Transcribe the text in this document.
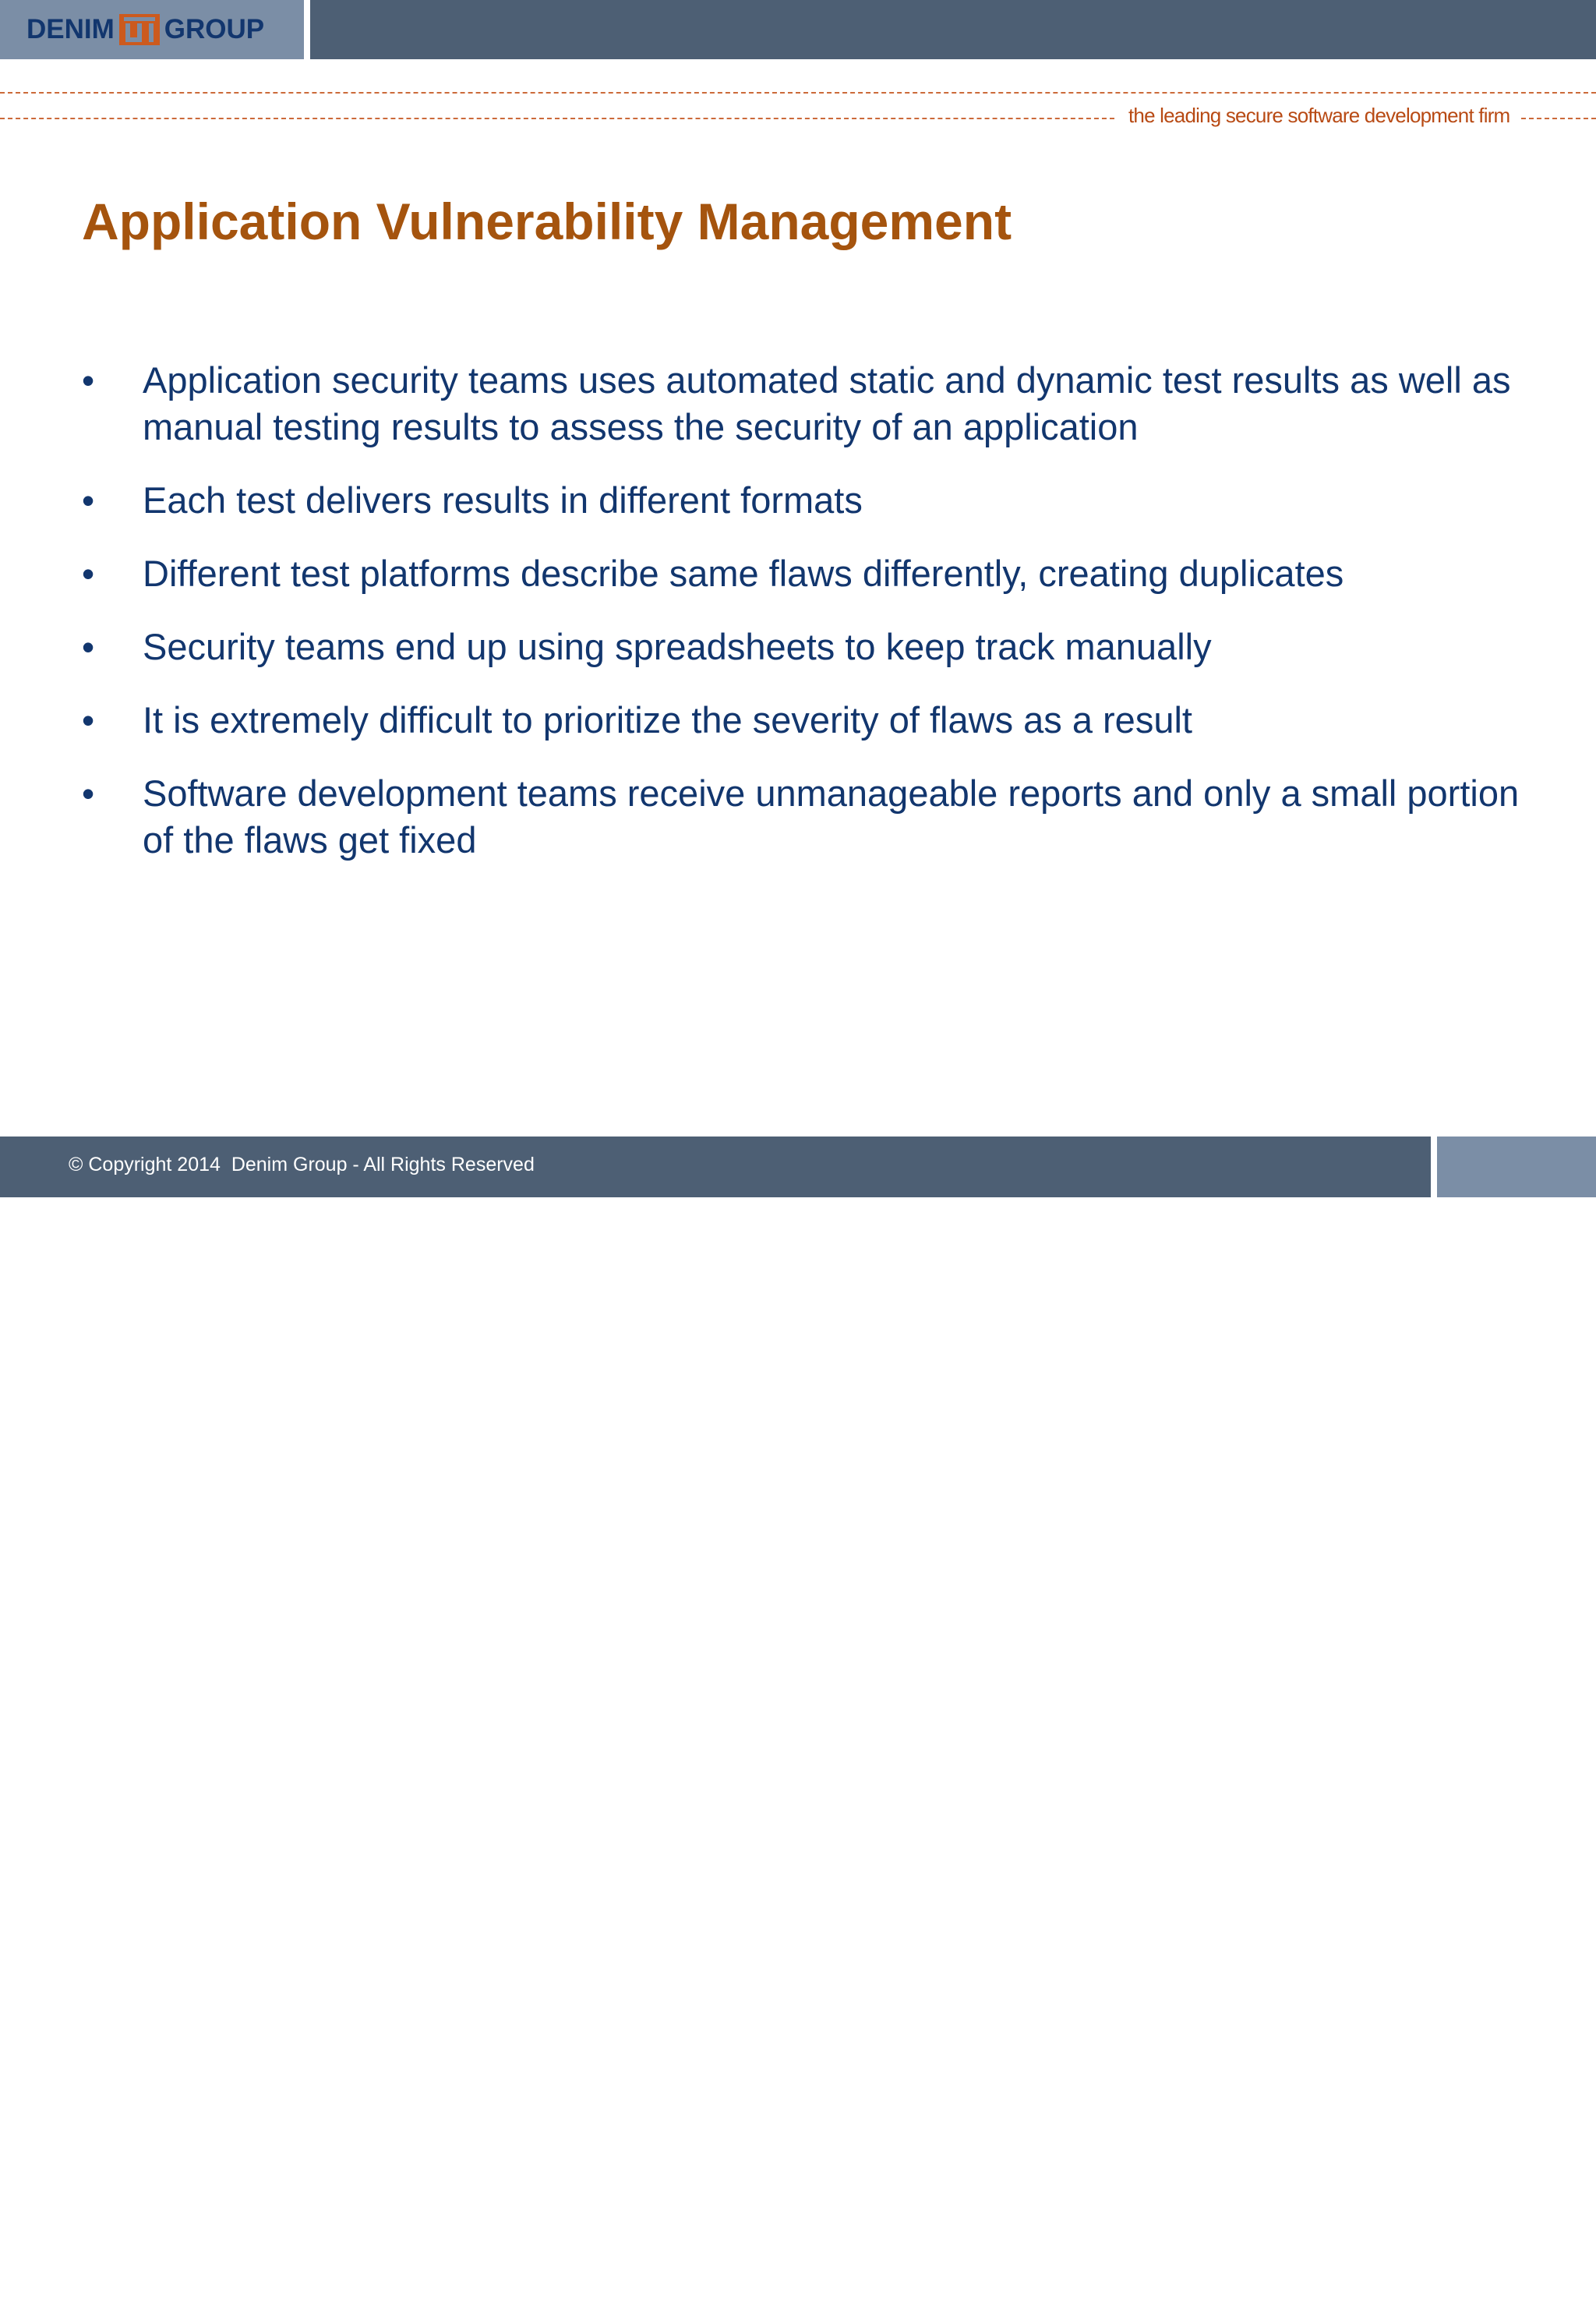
DENIM GROUP
the leading secure software development firm
Application Vulnerability Management
• Application security teams uses automated static and dynamic test results as well as manual testing results to assess the security of an application
• Each test delivers results in different formats
• Different test platforms describe same flaws differently, creating duplicates
• Security teams end up using spreadsheets to keep track manually
• It is extremely difficult to prioritize the severity of flaws as a result
• Software development teams receive unmanageable reports and only a small portion of the flaws get fixed
4
© Copyright 2014  Denim Group - All Rights Reserved
